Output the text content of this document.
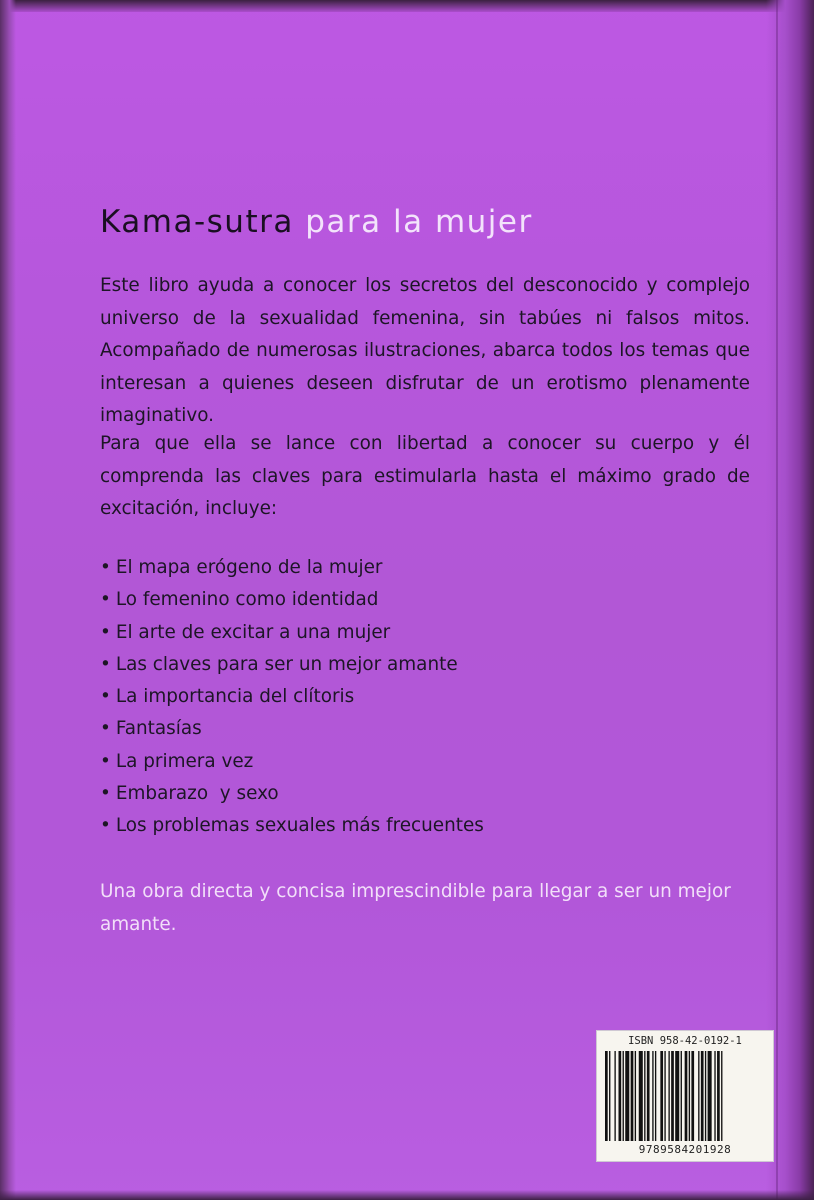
Kama-sutra para la mujer

Este libro ayuda a conocer los secretos del desconocido y complejo universo de la sexualidad femenina, sin tabúes ni falsos mitos. Acompañado de numerosas ilustraciones, abarca todos los temas que interesan a quienes deseen disfrutar de un erotismo plenamente imaginativo.

Para que ella se lance con libertad a conocer su cuerpo y él comprenda las claves para estimularla hasta el máximo grado de excitación, incluye:

• El mapa erógeno de la mujer
• Lo femenino como identidad
• El arte de excitar a una mujer
• Las claves para ser un mejor amante
• La importancia del clítoris
• Fantasías
• La primera vez
• Embarazo  y sexo
• Los problemas sexuales más frecuentes

Una obra directa y concisa imprescindible para llegar a ser un mejor amante.

ISBN 958-42-0192-1
9789584201928
